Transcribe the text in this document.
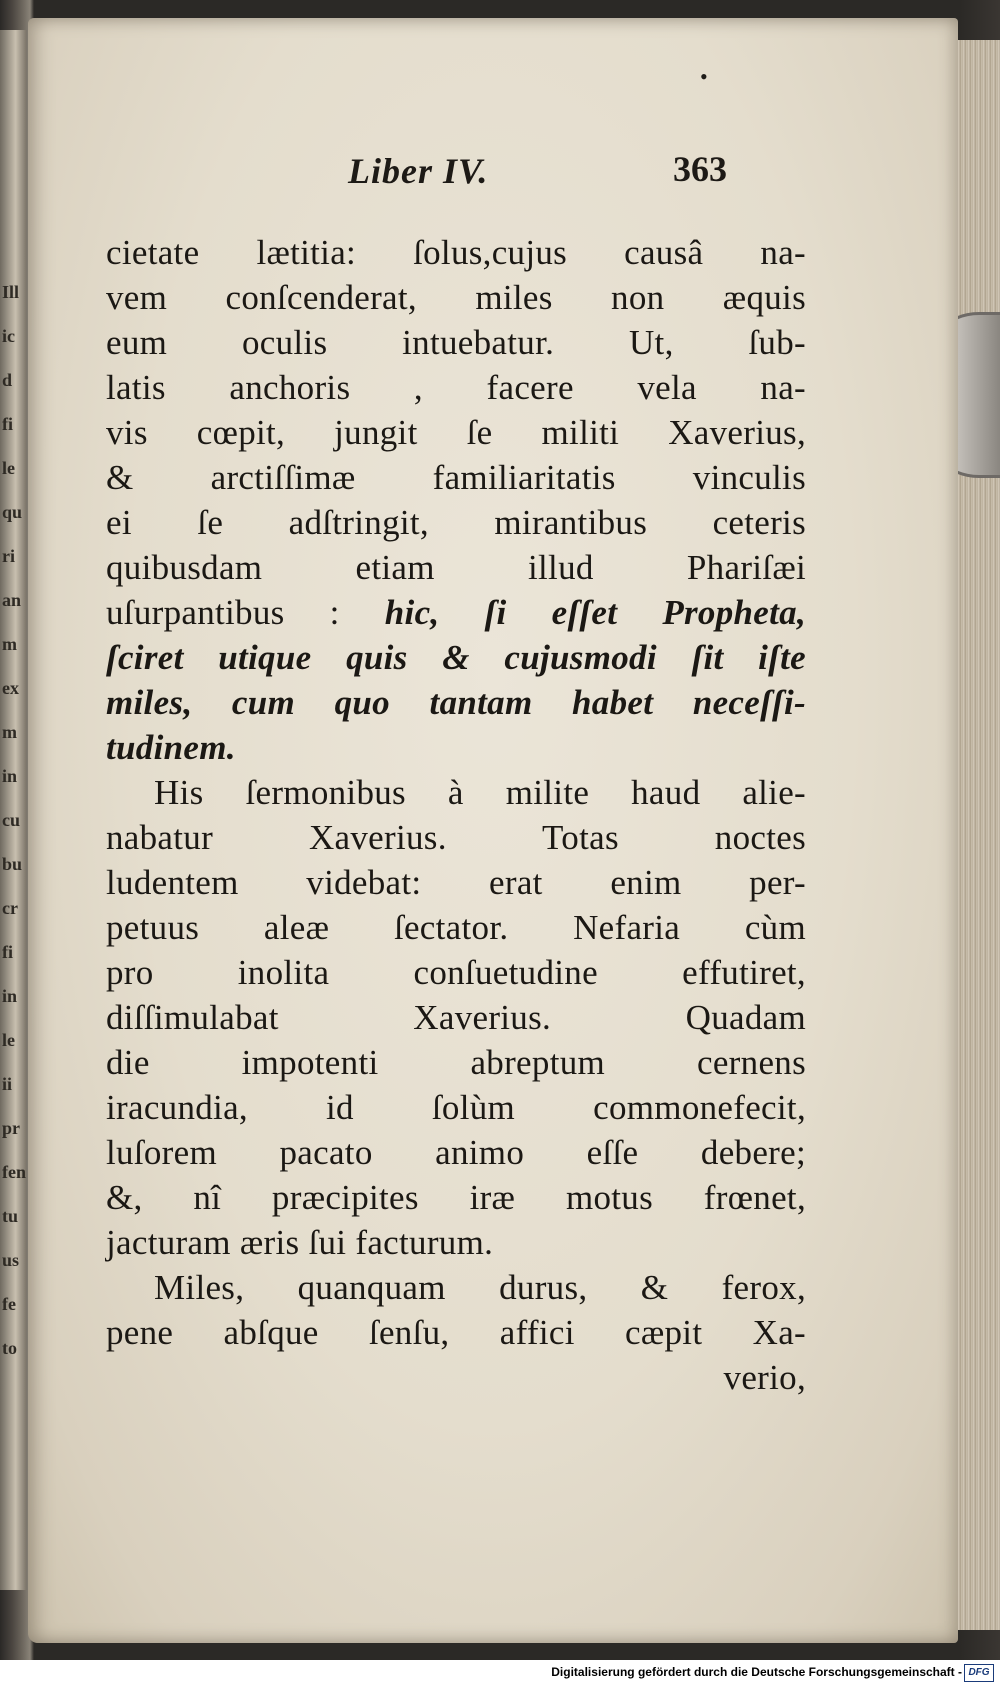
Ill
ic
d
fi
le
qu
ri
an
m
ex
m
in
cu
bu
cr
fi
in
le
ii
pr
fen
tu
us
fe
to
•
Liber IV.	363
cietate lætitia: ſolus,cujus causâ na-
vem conſcenderat, miles non æquis
eum oculis intuebatur. Ut, ſub-
latis anchoris , facere vela na-
vis cœpit, jungit ſe militi Xaverius,
& arctiſſimæ familiaritatis vinculis
ei ſe adſtringit, mirantibus ceteris
quibusdam etiam illud Phariſæi
uſurpantibus : hic, ſi eſſet Propheta,
ſciret utique quis & cujusmodi ſit iſte
miles, cum quo tantam habet neceſſi-
tudinem.
His ſermonibus à milite haud alie-
nabatur Xaverius. Totas noctes
ludentem videbat: erat enim per-
petuus aleæ ſectator. Nefaria cùm
pro inolita conſuetudine effutiret,
diſſimulabat Xaverius. Quadam
die impotenti abreptum cernens
iracundia, id ſolùm commonefecit,
luſorem pacato animo eſſe debere;
&, nî præcipites iræ motus frœnet,
jacturam æris ſui facturum.
Miles, quanquam durus, & ferox,
pene abſque ſenſu, affici cæpit Xa-
verio,
Digitalisierung gefördert durch die Deutsche Forschungsgemeinschaft - DFG
